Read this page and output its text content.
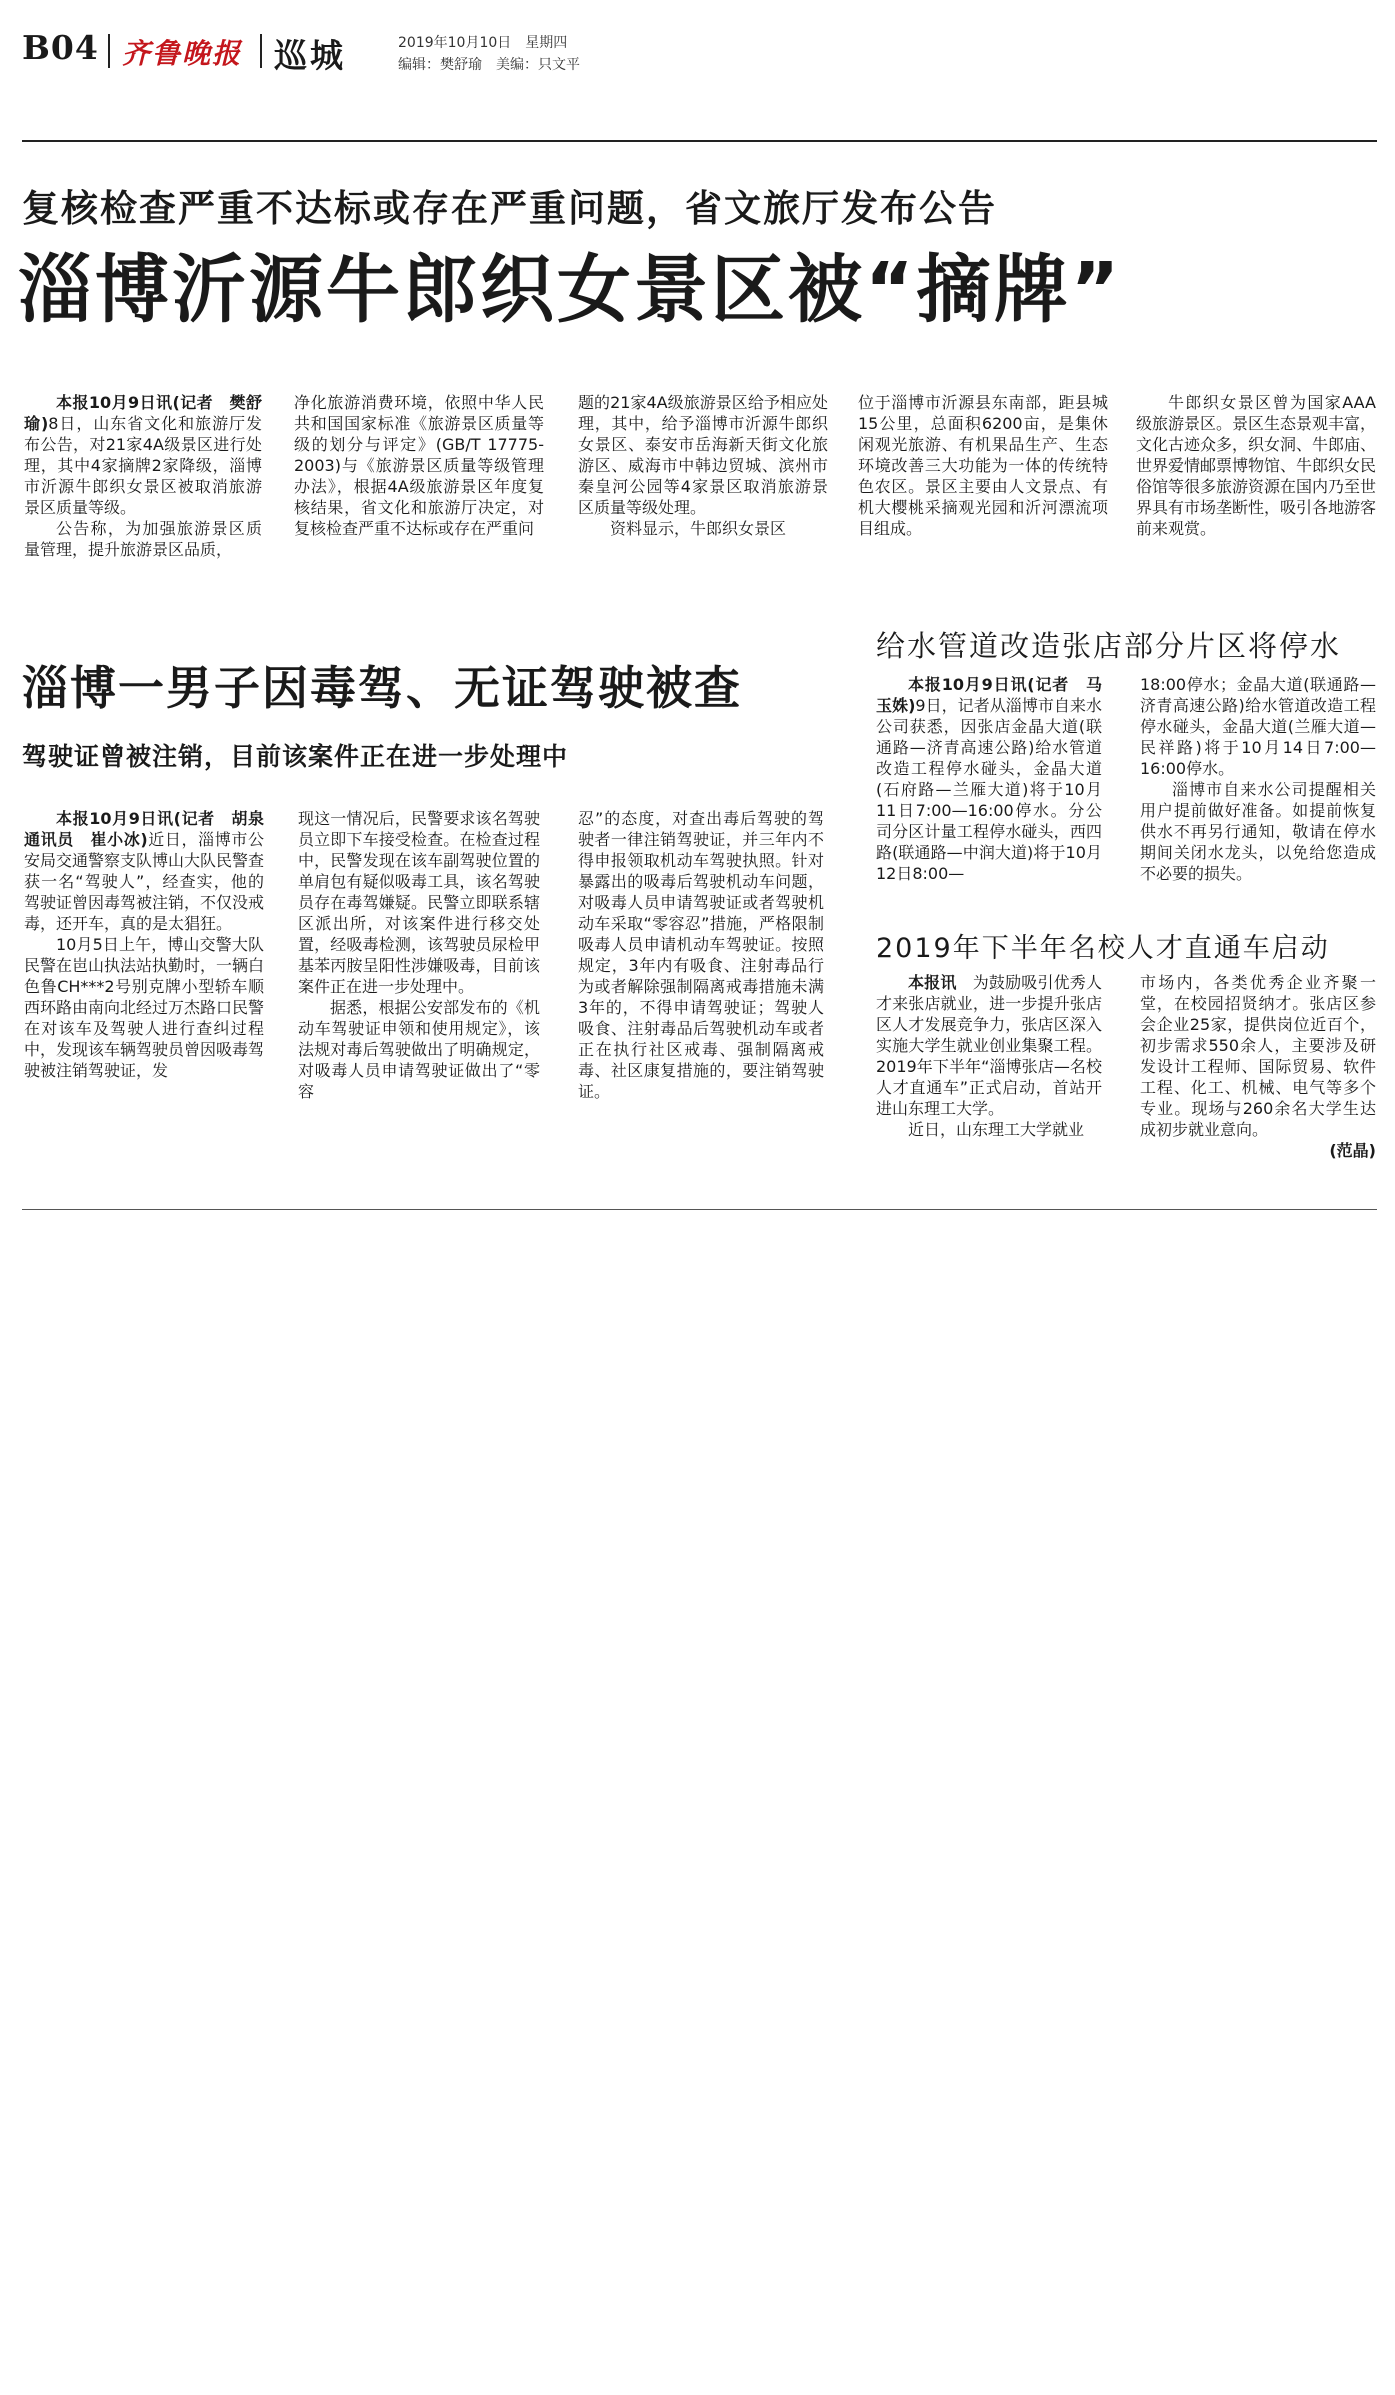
B04 齐鲁晚报 巡城	2019年10月10日 星期四
编辑：樊舒瑜 美编：只文平
复核检查严重不达标或存在严重问题，省文旅厅发布公告
淄博沂源牛郎织女景区被“摘牌”

本报10月9日讯(记者　樊舒瑜)8日，山东省文化和旅游厅发布公告，对21家4A级景区进行处理，其中4家摘牌2家降级，淄博市沂源牛郎织女景区被取消旅游景区质量等级。

公告称，为加强旅游景区质量管理，提升旅游景区品质，

净化旅游消费环境，依照中华人民共和国国家标准《旅游景区质量等级的划分与评定》(GB/T 17775-2003)与《旅游景区质量等级管理办法》，根据4A级旅游景区年度复核结果，省文化和旅游厅决定，对复核检查严重不达标或存在严重问

题的21家4A级旅游景区给予相应处理，其中，给予淄博市沂源牛郎织女景区、泰安市岳海新天街文化旅游区、威海市中韩边贸城、滨州市秦皇河公园等4家景区取消旅游景区质量等级处理。

资料显示，牛郎织女景区

位于淄博市沂源县东南部，距县城15公里，总面积6200亩，是集休闲观光旅游、有机果品生产、生态环境改善三大功能为一体的传统特色农区。景区主要由人文景点、有机大樱桃采摘观光园和沂河漂流项目组成。

牛郎织女景区曾为国家AAA级旅游景区。景区生态景观丰富，文化古迹众多，织女洞、牛郎庙、世界爱情邮票博物馆、牛郎织女民俗馆等很多旅游资源在国内乃至世界具有市场垄断性，吸引各地游客前来观赏。

淄博一男子因毒驾、无证驾驶被查
驾驶证曾被注销，目前该案件正在进一步处理中

本报10月9日讯(记者　胡泉　通讯员　崔小冰)近日，淄博市公安局交通警察支队博山大队民警查获一名“驾驶人”，经查实，他的驾驶证曾因毒驾被注销，不仅没戒毒，还开车，真的是太猖狂。

10月5日上午，博山交警大队民警在岜山执法站执勤时，一辆白色鲁CH***2号别克牌小型轿车顺西环路由南向北经过万杰路口民警在对该车及驾驶人进行查纠过程中，发现该车辆驾驶员曾因吸毒驾驶被注销驾驶证，发

现这一情况后，民警要求该名驾驶员立即下车接受检查。在检查过程中，民警发现在该车副驾驶位置的单肩包有疑似吸毒工具，该名驾驶员存在毒驾嫌疑。民警立即联系辖区派出所，对该案件进行移交处置，经吸毒检测，该驾驶员尿检甲基苯丙胺呈阳性涉嫌吸毒，目前该案件正在进一步处理中。

据悉，根据公安部发布的《机动车驾驶证申领和使用规定》，该法规对毒后驾驶做出了明确规定，对吸毒人员申请驾驶证做出了“零容

忍”的态度，对查出毒后驾驶的驾驶者一律注销驾驶证，并三年内不得申报领取机动车驾驶执照。针对暴露出的吸毒后驾驶机动车问题，对吸毒人员申请驾驶证或者驾驶机动车采取“零容忍”措施，严格限制吸毒人员申请机动车驾驶证。按照规定，3年内有吸食、注射毒品行为或者解除强制隔离戒毒措施未满3年的，不得申请驾驶证；驾驶人吸食、注射毒品后驾驶机动车或者正在执行社区戒毒、强制隔离戒毒、社区康复措施的，要注销驾驶证。

给水管道改造张店部分片区将停水

本报10月9日讯(记者　马玉姝)9日，记者从淄博市自来水公司获悉，因张店金晶大道(联通路—济青高速公路)给水管道改造工程停水碰头，金晶大道(石府路—兰雁大道)将于10月11日7:00—16:00停水。分公司分区计量工程停水碰头，西四路(联通路—中润大道)将于10月12日8:00—

18:00停水；金晶大道(联通路—济青高速公路)给水管道改造工程停水碰头，金晶大道(兰雁大道—民祥路)将于10月14日7:00—16:00停水。

淄博市自来水公司提醒相关用户提前做好准备。如提前恢复供水不再另行通知，敬请在停水期间关闭水龙头，以免给您造成不必要的损失。

2019年下半年名校人才直通车启动

本报讯　 为鼓励吸引优秀人才来张店就业，进一步提升张店区人才发展竞争力，张店区深入实施大学生就业创业集聚工程。2019年下半年“淄博张店—名校人才直通车”正式启动，首站开进山东理工大学。

近日，山东理工大学就业

市场内，各类优秀企业齐聚一堂，在校园招贤纳才。张店区参会企业25家，提供岗位近百个，初步需求550余人，主要涉及研发设计工程师、国际贸易、软件工程、化工、机械、电气等多个专业。现场与260余名大学生达成初步就业意向。

(范晶)
